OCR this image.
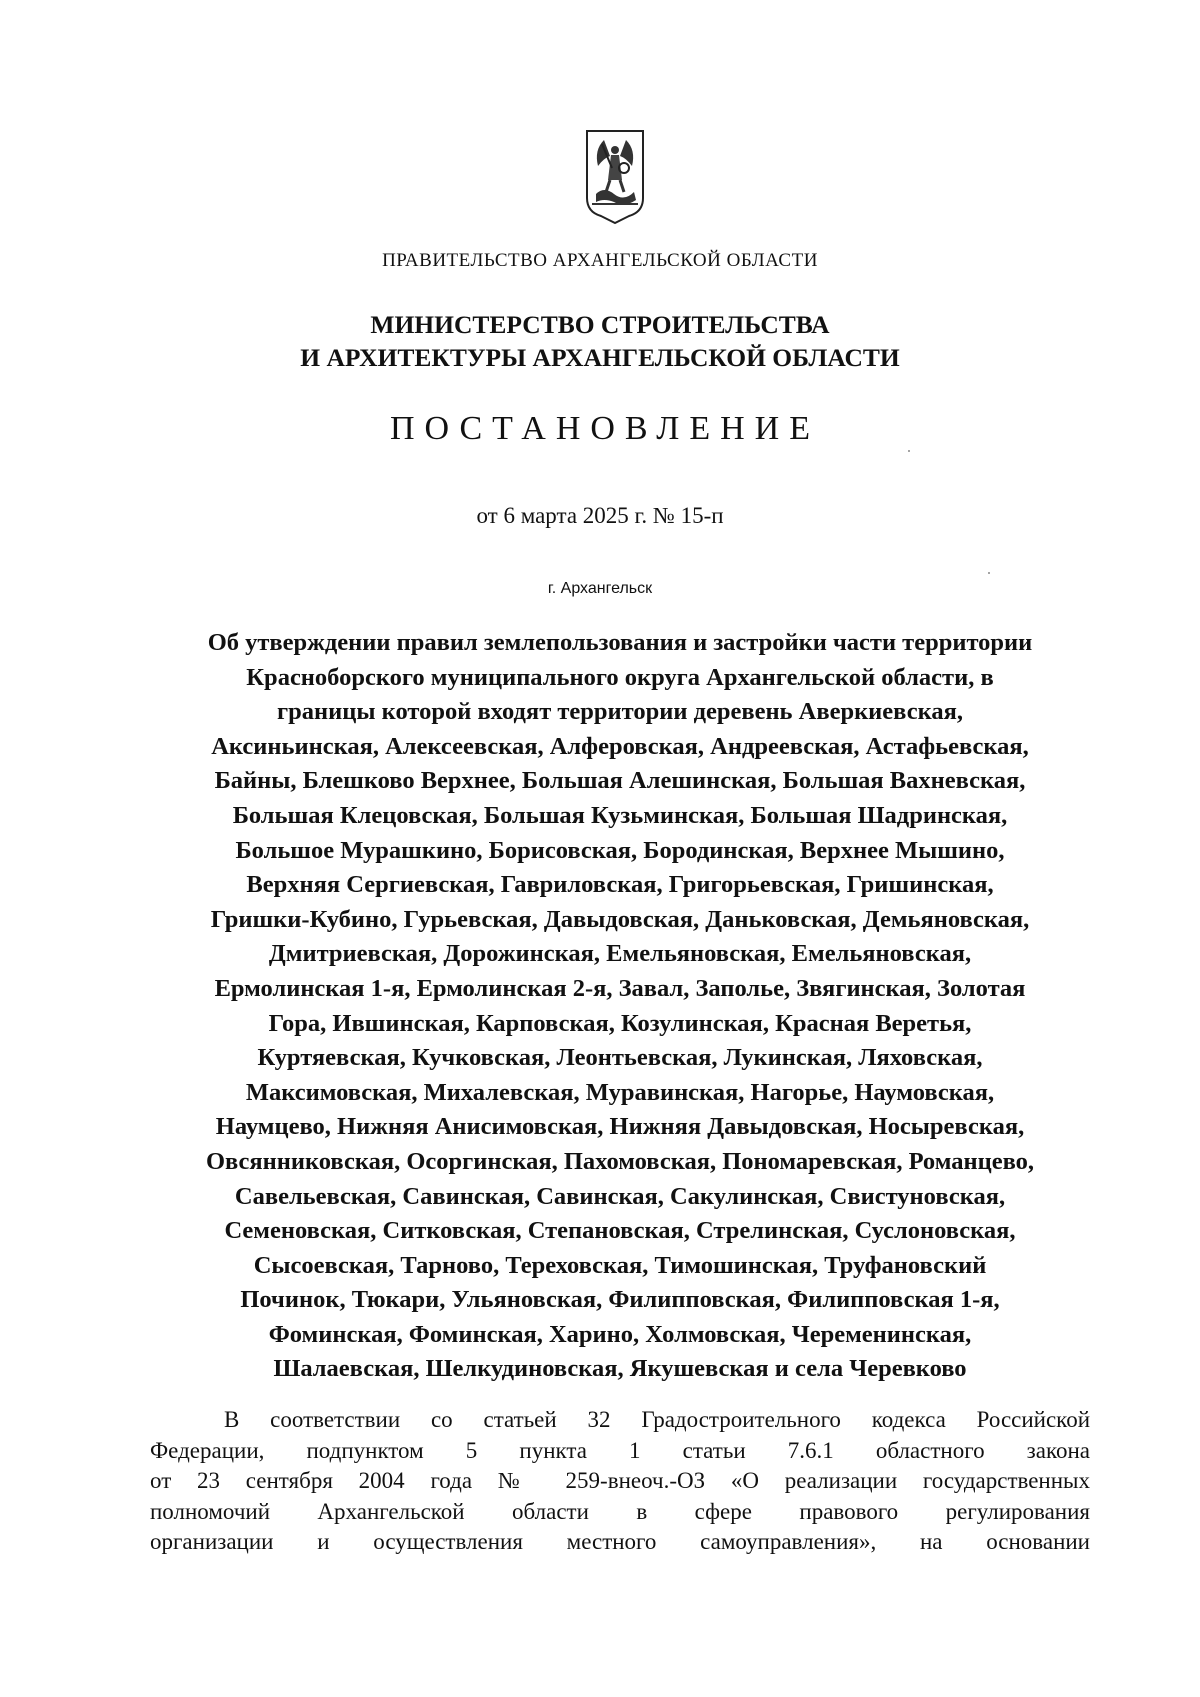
ПРАВИТЕЛЬСТВО АРХАНГЕЛЬСКОЙ ОБЛАСТИ
МИНИСТЕРСТВО СТРОИТЕЛЬСТВА
И АРХИТЕКТУРЫ АРХАНГЕЛЬСКОЙ ОБЛАСТИ
ПОСТАНОВЛЕНИЕ
от 6 марта 2025 г. № 15-п
г. Архангельск
Об утверждении правил землепользования и застройки части территории
Красноборского муниципального округа Архангельской области, в
границы которой входят территории деревень Аверкиевская,
Аксиньинская, Алексеевская, Алферовская, Андреевская, Астафьевская,
Байны, Блешково Верхнее, Большая Алешинская, Большая Вахневская,
Большая Клецовская, Большая Кузьминская, Большая Шадринская,
Большое Мурашкино, Борисовская, Бородинская, Верхнее Мышино,
Верхняя Сергиевская, Гавриловская, Григорьевская, Гришинская,
Гришки-Кубино, Гурьевская, Давыдовская, Даньковская, Демьяновская,
Дмитриевская, Дорожинская, Емельяновская, Емельяновская,
Ермолинская 1-я, Ермолинская 2-я, Завал, Заполье, Звягинская, Золотая
Гора, Ившинская, Карповская, Козулинская, Красная Веретья,
Куртяевская, Кучковская, Леонтьевская, Лукинская, Ляховская,
Максимовская, Михалевская, Муравинская, Нагорье, Наумовская,
Наумцево, Нижняя Анисимовская, Нижняя Давыдовская, Носыревская,
Овсянниковская, Осоргинская, Пахомовская, Пономаревская, Романцево,
Савельевская, Савинская, Савинская, Сакулинская, Свистуновская,
Семеновская, Ситковская, Степановская, Стрелинская, Суслоновская,
Сысоевская, Тарново, Тереховская, Тимошинская, Труфановский
Починок, Тюкари, Ульяновская, Филипповская, Филипповская 1-я,
Фоминская, Фоминская, Харино, Холмовская, Череменинская,
Шалаевская, Шелкудиновская, Якушевская и села Черевково
В соответствии со статьей 32 Градостроительного кодекса Российской
Федерации, подпунктом 5 пункта 1 статьи 7.6.1 областного закона
от 23 сентября 2004 года № 259-внеоч.-ОЗ «О реализации государственных
полномочий Архангельской области в сфере правового регулирования
организации и осуществления местного самоуправления», на основании
